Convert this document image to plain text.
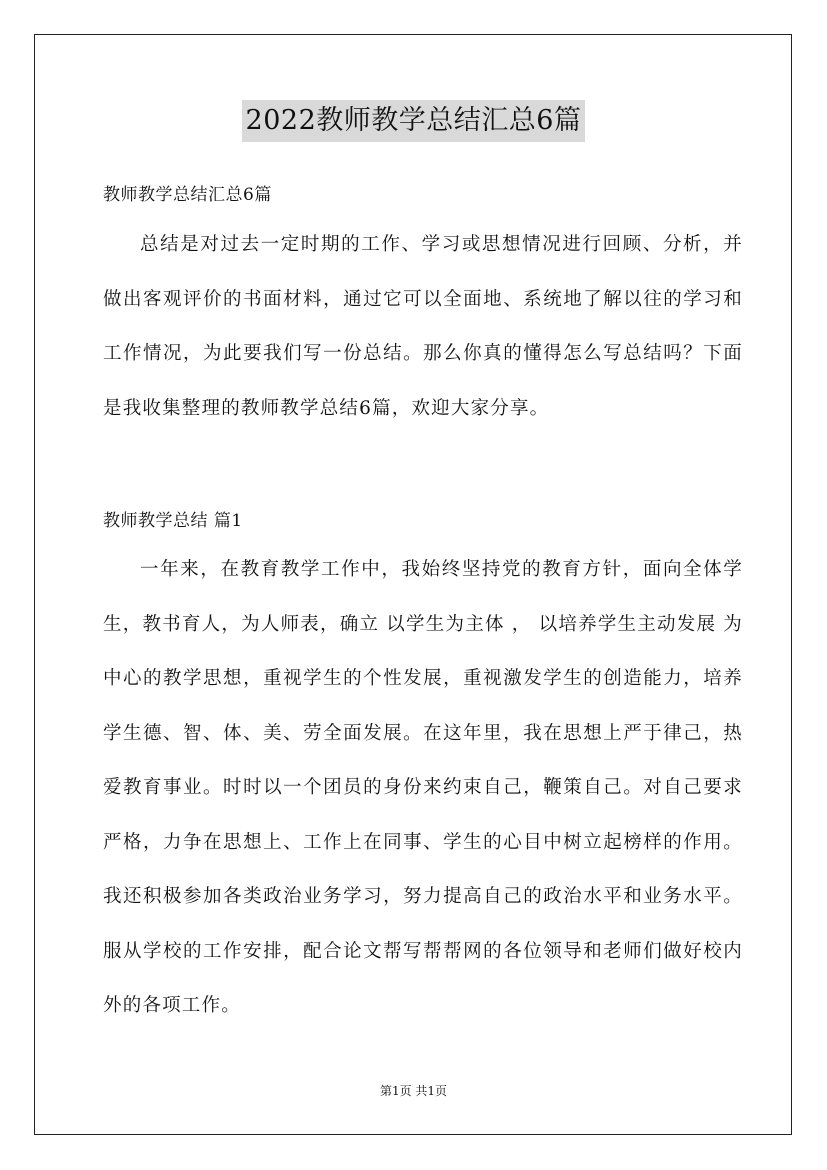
2022教师教学总结汇总6篇

教师教学总结汇总6篇

总结是对过去一定时期的工作、学习或思想情况进行回顾、分析，并做出客观评价的书面材料，通过它可以全面地、系统地了解以往的学习和工作情况，为此要我们写一份总结。那么你真的懂得怎么写总结吗？下面是我收集整理的教师教学总结6篇，欢迎大家分享。

教师教学总结 篇1

一年来，在教育教学工作中，我始终坚持党的教育方针，面向全体学生，教书育人，为人师表，确立 以学生为主体 ， 以培养学生主动发展 为中心的教学思想，重视学生的个性发展，重视激发学生的创造能力，培养学生德、智、体、美、劳全面发展。在这年里，我在思想上严于律己，热爱教育事业。时时以一个团员的身份来约束自己，鞭策自己。对自己要求严格，力争在思想上、工作上在同事、学生的心目中树立起榜样的作用。我还积极参加各类政治业务学习，努力提高自己的政治水平和业务水平。服从学校的工作安排，配合论文帮写帮帮网的各位领导和老师们做好校内外的各项工作。

第1页 共1页
